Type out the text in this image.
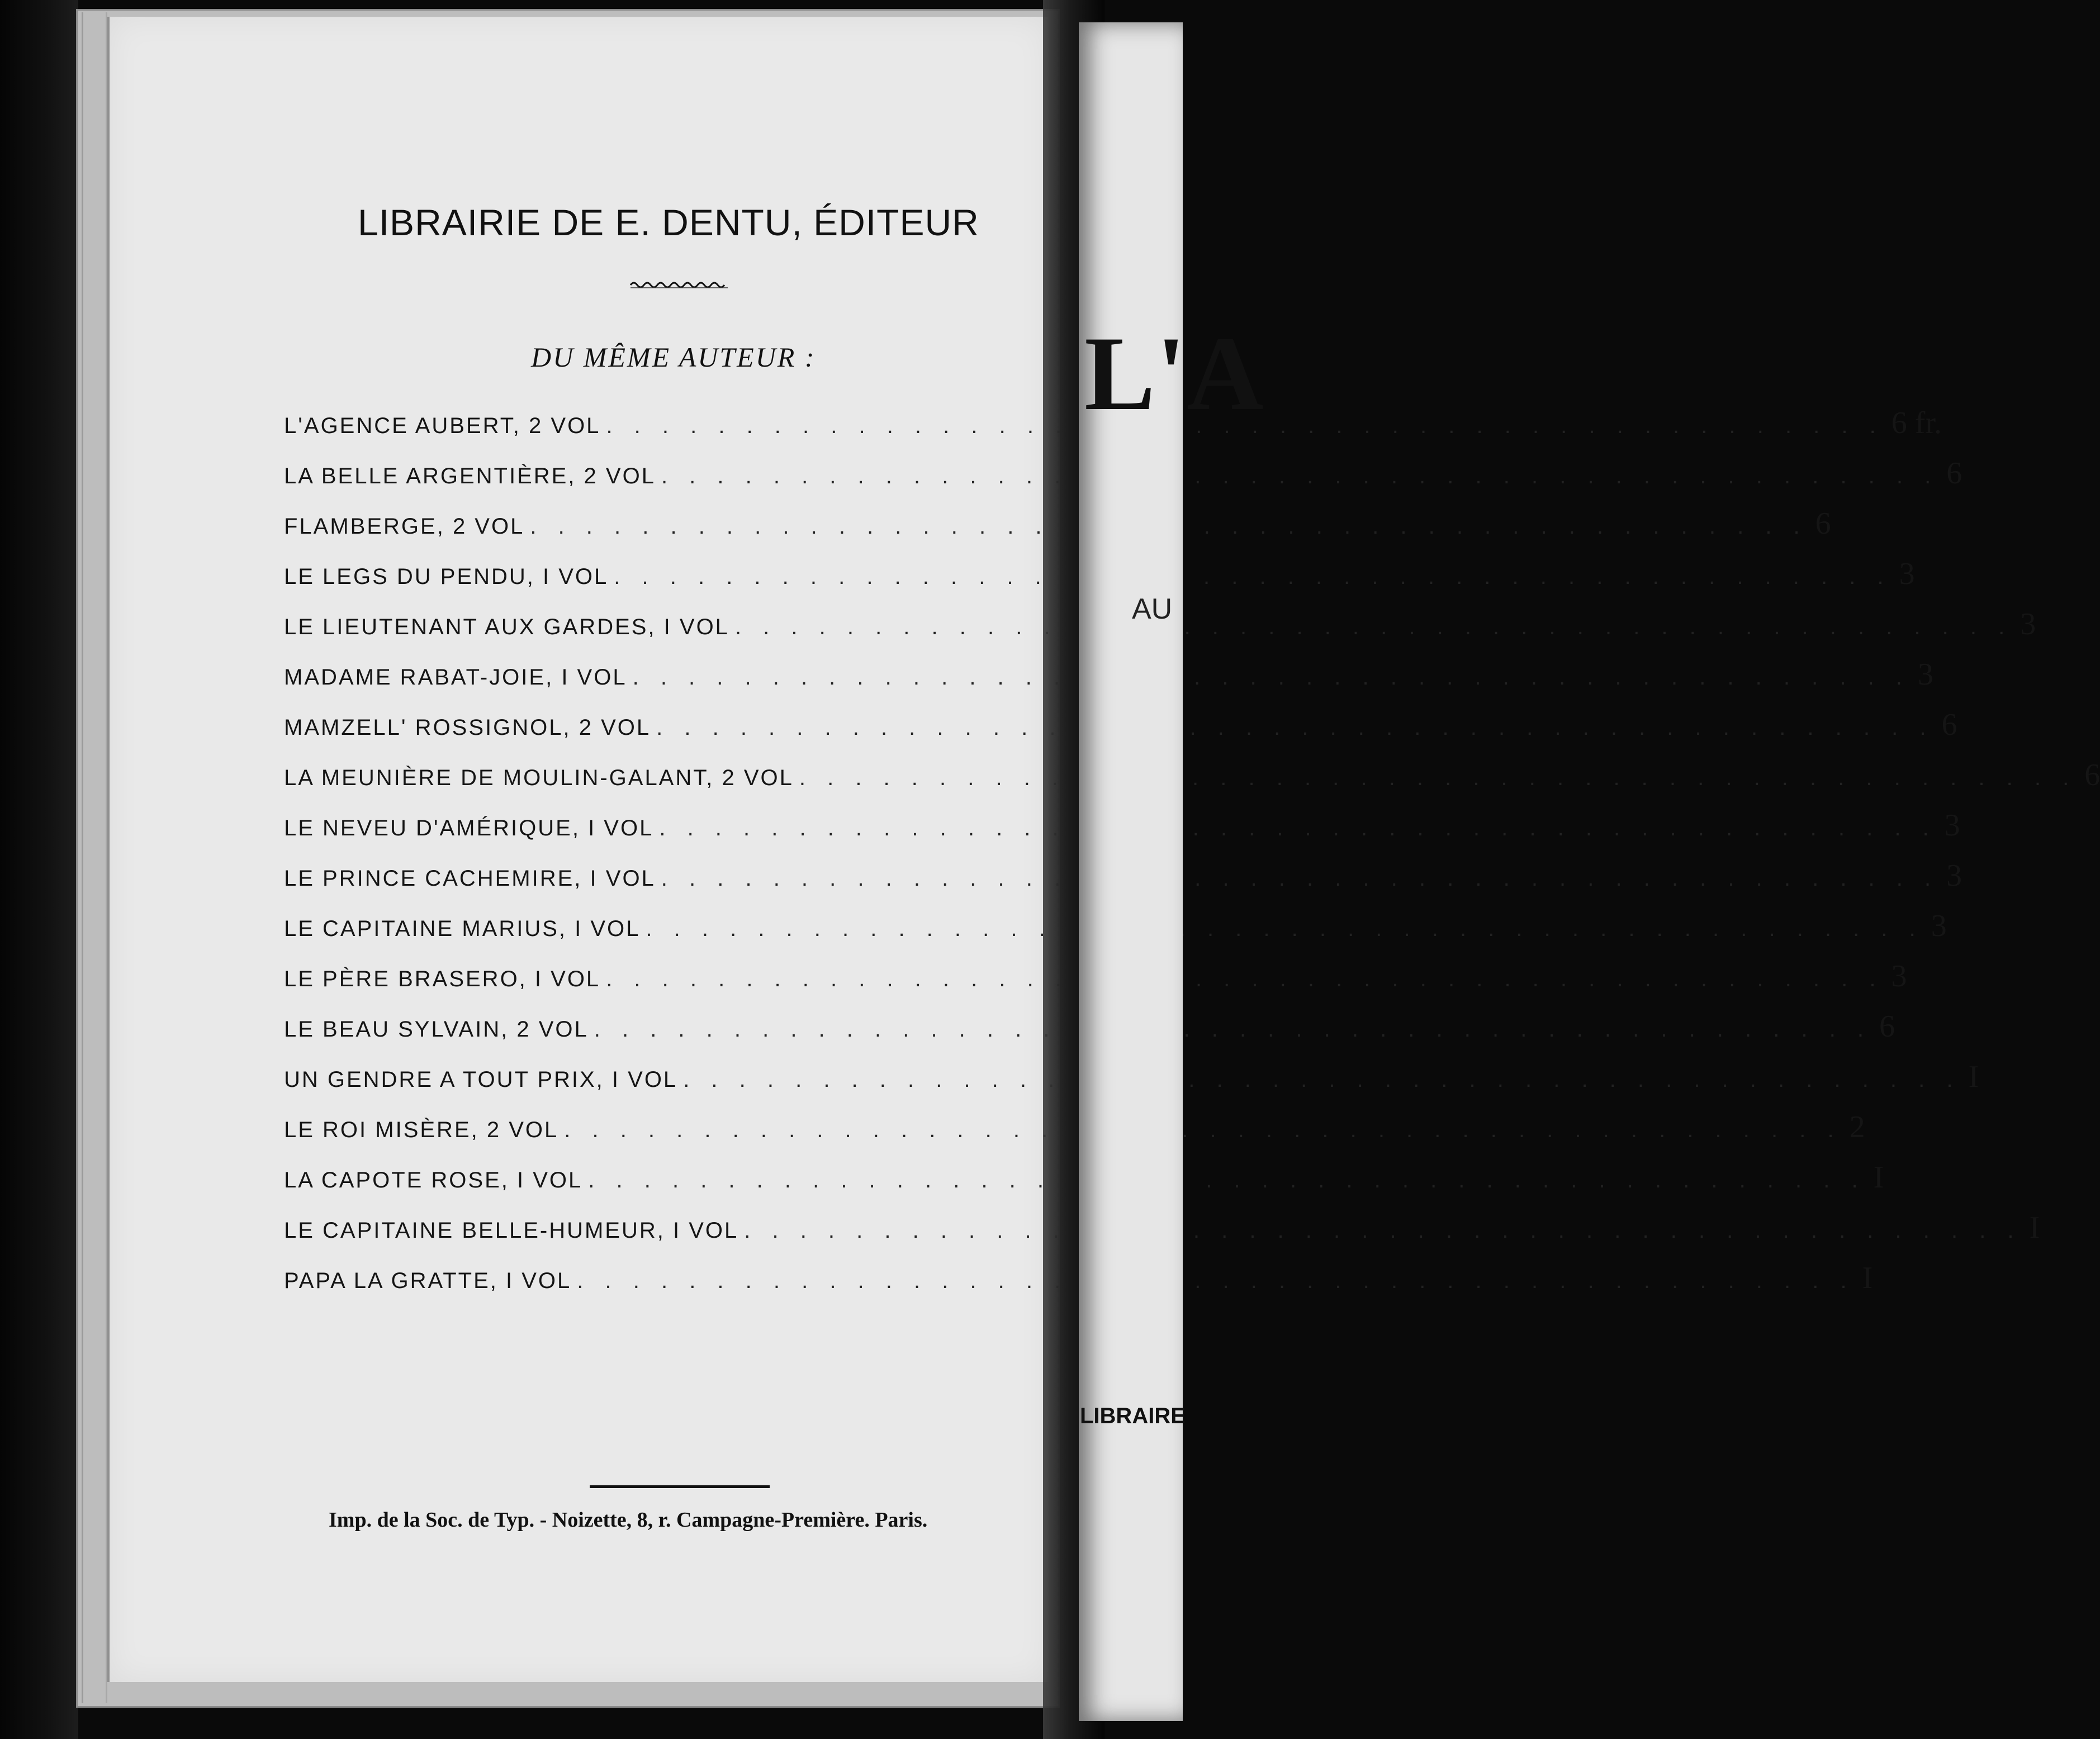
LIBRAIRIE DE E. DENTU, ÉDITEUR
DU MÊME AUTEUR :
L'AGENCE AUBERT, 2 VOL . . .	6 fr.
LA BELLE ARGENTIÈRE, 2 VOL . . .	6
FLAMBERGE, 2 VOL . . .	6
LE LEGS DU PENDU, I VOL . . .	3
LE LIEUTENANT AUX GARDES, I VOL . . .	3
MADAME RABAT-JOIE, I VOL . . .	3
MAMZELL' ROSSIGNOL, 2 VOL . . .	6
LA MEUNIÈRE DE MOULIN-GALANT, 2 VOL . . .	6
LE NEVEU D'AMÉRIQUE, I VOL . . .	3
LE PRINCE CACHEMIRE, I VOL . . .	3
LE CAPITAINE MARIUS, I VOL . . .	3
LE PÈRE BRASERO, I VOL . . .	3
LE BEAU SYLVAIN, 2 VOL . . .	6
UN GENDRE A TOUT PRIX, I VOL . . .	I
LE ROI MISÈRE, 2 VOL . . .	2
LA CAPOTE ROSE, I VOL . . .	I
LE CAPITAINE BELLE-HUMEUR, I VOL . . .	I
PAPA LA GRATTE, I VOL . . .	I
Imp. de la Soc. de Typ. - Noizette, 8, r. Campagne-Première. Paris.
L'A
AU
LIBRAIRE
